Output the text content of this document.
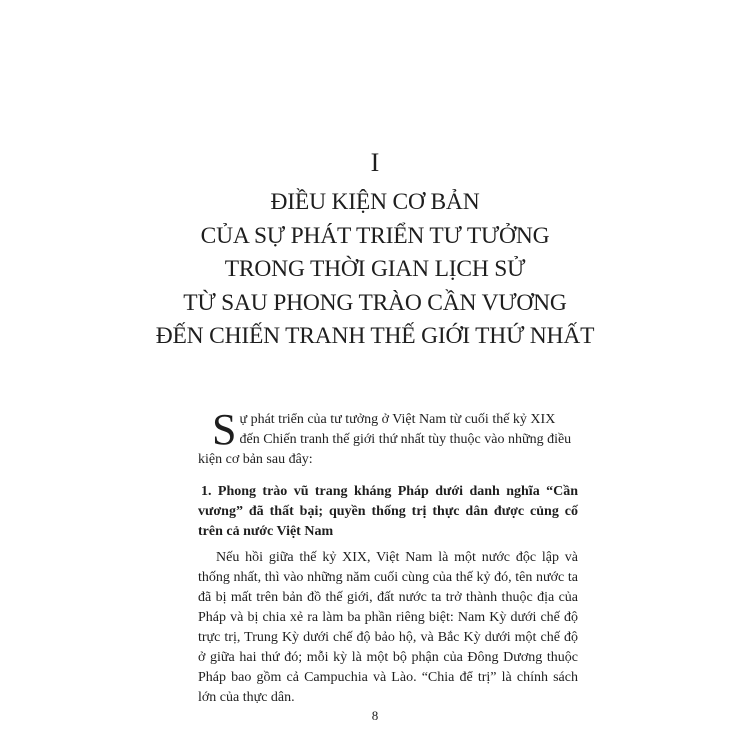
I
ĐIỀU KIỆN CƠ BẢN
CỦA SỰ PHÁT TRIỂN TƯ TƯỞNG
TRONG THỜI GIAN LỊCH SỬ
TỪ SAU PHONG TRÀO CẦN VƯƠNG
ĐẾN CHIẾN TRANH THẾ GIỚI THỨ NHẤT

Sự phát triển của tư tưởng ở Việt Nam từ cuối thế kỷ XIX đến Chiến tranh thế giới thứ nhất tùy thuộc vào những điều kiện cơ bản sau đây:

1. Phong trào vũ trang kháng Pháp dưới danh nghĩa “Cần vương” đã thất bại; quyền thống trị thực dân được củng cố trên cả nước Việt Nam

Nếu hồi giữa thế kỷ XIX, Việt Nam là một nước độc lập và thống nhất, thì vào những năm cuối cùng của thế kỷ đó, tên nước ta đã bị mất trên bản đồ thế giới, đất nước ta trở thành thuộc địa của Pháp và bị chia xẻ ra làm ba phần riêng biệt: Nam Kỳ dưới chế độ trực trị, Trung Kỳ dưới chế độ bảo hộ, và Bắc Kỳ dưới một chế độ ở giữa hai thứ đó; mỗi kỳ là một bộ phận của Đông Dương thuộc Pháp bao gồm cả Campuchia và Lào. “Chia để trị” là chính sách lớn của thực dân.

8
